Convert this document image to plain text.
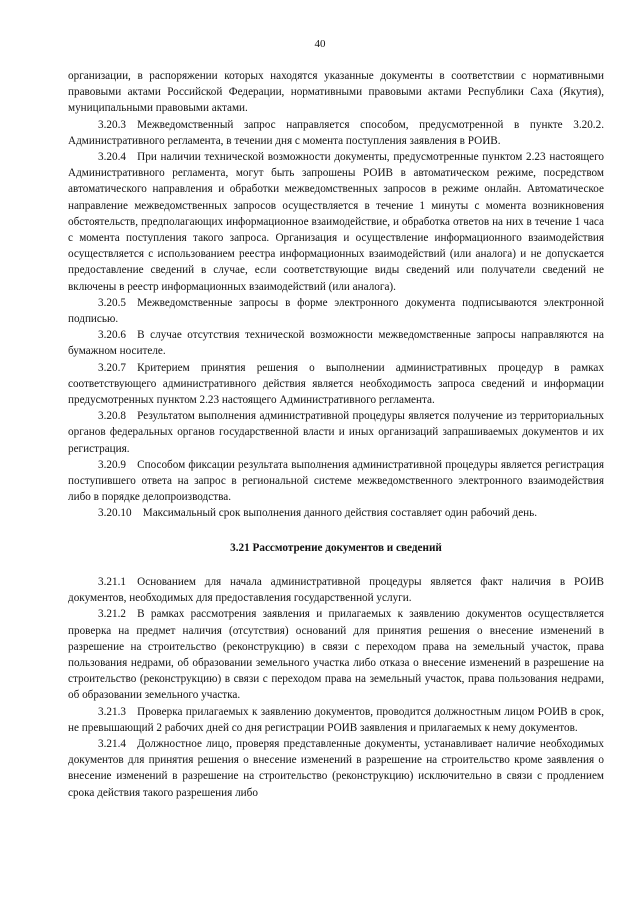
40

организации, в распоряжении которых находятся указанные документы в соответствии с нормативными правовыми актами Российской Федерации, нормативными правовыми актами Республики Саха (Якутия), муниципальными правовыми актами.

3.20.3  Межведомственный запрос направляется способом, предусмотренной в пункте 3.20.2. Административного регламента, в течении дня с момента поступления заявления в РОИВ.

3.20.4  При наличии технической возможности документы, предусмотренные пунктом 2.23 настоящего Административного регламента, могут быть запрошены РОИВ в автоматическом режиме, посредством автоматического направления и обработки межведомственных запросов в режиме онлайн. Автоматическое направление межведомственных запросов осуществляется в течение 1 минуты с момента возникновения обстоятельств, предполагающих информационное взаимодействие, и обработка ответов на них в течение 1 часа с момента поступления такого запроса. Организация и осуществление информационного взаимодействия осуществляется с использованием реестра информационных взаимодействий (или аналога) и не допускается предоставление сведений в случае, если соответствующие виды сведений или получатели сведений не включены в реестр информационных взаимодействий (или аналога).

3.20.5  Межведомственные запросы в форме электронного документа подписываются электронной подписью.

3.20.6  В случае отсутствия технической возможности межведомственные запросы направляются на бумажном носителе.

3.20.7  Критерием принятия решения о выполнении административных процедур в рамках соответствующего административного действия является необходимость запроса сведений и информации предусмотренных пунктом 2.23 настоящего Административного регламента.

3.20.8  Результатом выполнения административной процедуры является получение из территориальных органов федеральных органов государственной власти и иных организаций запрашиваемых документов и их регистрация.

3.20.9  Способом фиксации результата выполнения административной процедуры является регистрация поступившего ответа на запрос в региональной системе межведомственного электронного взаимодействия либо в порядке делопроизводства.

3.20.10  Максимальный срок выполнения данного действия составляет один рабочий день.

3.21 Рассмотрение документов и сведений

3.21.1  Основанием для начала административной процедуры является факт наличия в РОИВ документов, необходимых для предоставления государственной услуги.

3.21.2  В рамках рассмотрения заявления и прилагаемых к заявлению документов осуществляется проверка на предмет наличия (отсутствия) оснований для принятия решения о внесение изменений в разрешение на строительство (реконструкцию) в связи с переходом права на земельный участок, права пользования недрами, об образовании земельного участка либо отказа о внесение изменений в разрешение на строительство (реконструкцию) в связи с переходом права на земельный участок, права пользования недрами, об образовании земельного участка.

3.21.3  Проверка прилагаемых к заявлению документов, проводится должностным лицом РОИВ в срок, не превышающий 2 рабочих дней со дня регистрации РОИВ заявления и прилагаемых к нему документов.

3.21.4  Должностное лицо, проверяя представленные документы, устанавливает наличие необходимых документов для принятия решения о внесение изменений в разрешение на строительство кроме заявления о внесение изменений в разрешение на строительство (реконструкцию) исключительно в связи с продлением срока действия такого разрешения либо
